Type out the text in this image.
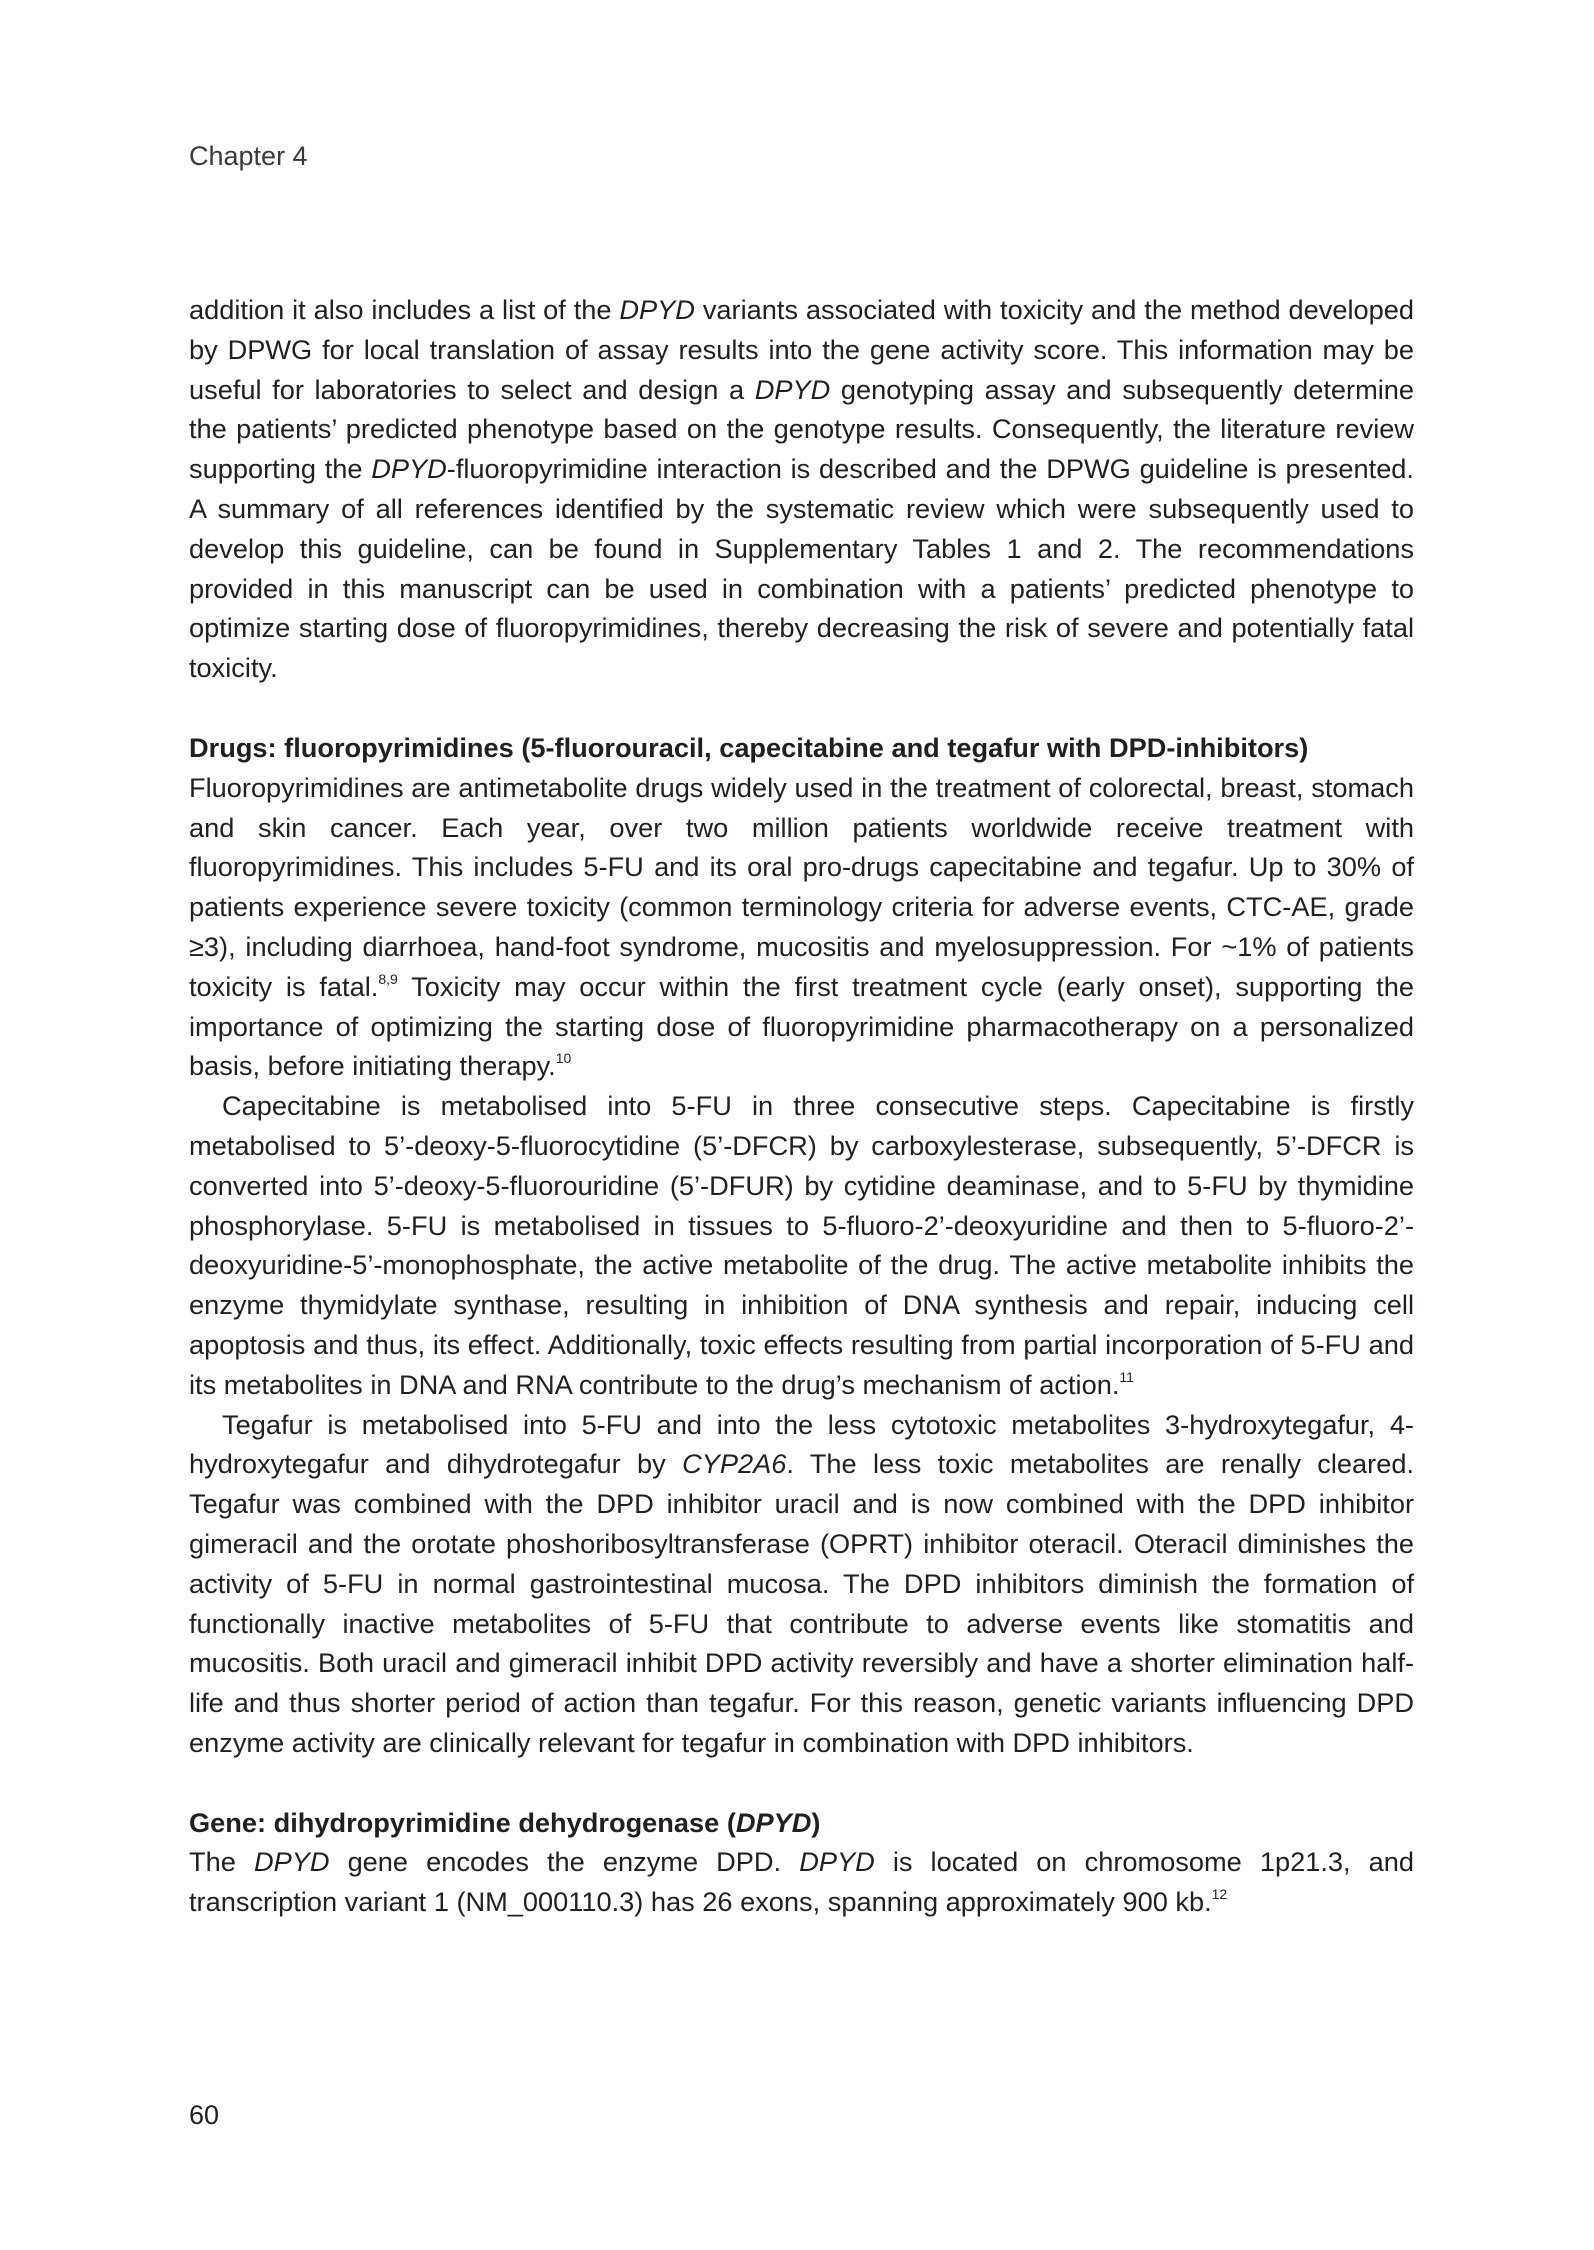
Chapter 4

addition it also includes a list of the DPYD variants associated with toxicity and the method developed by DPWG for local translation of assay results into the gene activity score. This information may be useful for laboratories to select and design a DPYD genotyping assay and subsequently determine the patients’ predicted phenotype based on the genotype results. Consequently, the literature review supporting the DPYD-fluoropyrimidine interaction is described and the DPWG guideline is presented. A summary of all references identified by the systematic review which were subsequently used to develop this guideline, can be found in Supplementary Tables 1 and 2. The recommendations provided in this manuscript can be used in combination with a patients’ predicted phenotype to optimize starting dose of fluoropyrimidines, thereby decreasing the risk of severe and potentially fatal toxicity.

Drugs: fluoropyrimidines (5-fluorouracil, capecitabine and tegafur with DPD-inhibitors)

Fluoropyrimidines are antimetabolite drugs widely used in the treatment of colorectal, breast, stomach and skin cancer. Each year, over two million patients worldwide receive treatment with fluoropyrimidines. This includes 5-FU and its oral pro-drugs capecitabine and tegafur. Up to 30% of patients experience severe toxicity (common terminology criteria for adverse events, CTC-AE, grade ≥3), including diarrhoea, hand-foot syndrome, mucositis and myelosuppression. For ~1% of patients toxicity is fatal.$^{8,9}$ Toxicity may occur within the first treatment cycle (early onset), supporting the importance of optimizing the starting dose of fluoropyrimidine pharmacotherapy on a personalized basis, before initiating therapy.$^{10}$

Capecitabine is metabolised into 5-FU in three consecutive steps. Capecitabine is firstly metabolised to 5’-deoxy-5-fluorocytidine (5’-DFCR) by carboxylesterase, subsequently, 5’-DFCR is converted into 5’-deoxy-5-fluorouridine (5’-DFUR) by cytidine deaminase, and to 5-FU by thymidine phosphorylase. 5-FU is metabolised in tissues to 5-fluoro-2’-deoxyuridine and then to 5-fluoro-2’-deoxyuridine-5’-monophosphate, the active metabolite of the drug. The active metabolite inhibits the enzyme thymidylate synthase, resulting in inhibition of DNA synthesis and repair, inducing cell apoptosis and thus, its effect. Additionally, toxic effects resulting from partial incorporation of 5-FU and its metabolites in DNA and RNA contribute to the drug’s mechanism of action.$^{11}$

Tegafur is metabolised into 5-FU and into the less cytotoxic metabolites 3-hydroxytegafur, 4-hydroxytegafur and dihydrotegafur by CYP2A6. The less toxic metabolites are renally cleared. Tegafur was combined with the DPD inhibitor uracil and is now combined with the DPD inhibitor gimeracil and the orotate phoshoribosyltransferase (OPRT) inhibitor oteracil. Oteracil diminishes the activity of 5-FU in normal gastrointestinal mucosa. The DPD inhibitors diminish the formation of functionally inactive metabolites of 5-FU that contribute to adverse events like stomatitis and mucositis. Both uracil and gimeracil inhibit DPD activity reversibly and have a shorter elimination half-life and thus shorter period of action than tegafur. For this reason, genetic variants influencing DPD enzyme activity are clinically relevant for tegafur in combination with DPD inhibitors.

Gene: dihydropyrimidine dehydrogenase (DPYD)

The DPYD gene encodes the enzyme DPD. DPYD is located on chromosome 1p21.3, and transcription variant 1 (NM_000110.3) has 26 exons, spanning approximately 900 kb.$^{12}$

60
